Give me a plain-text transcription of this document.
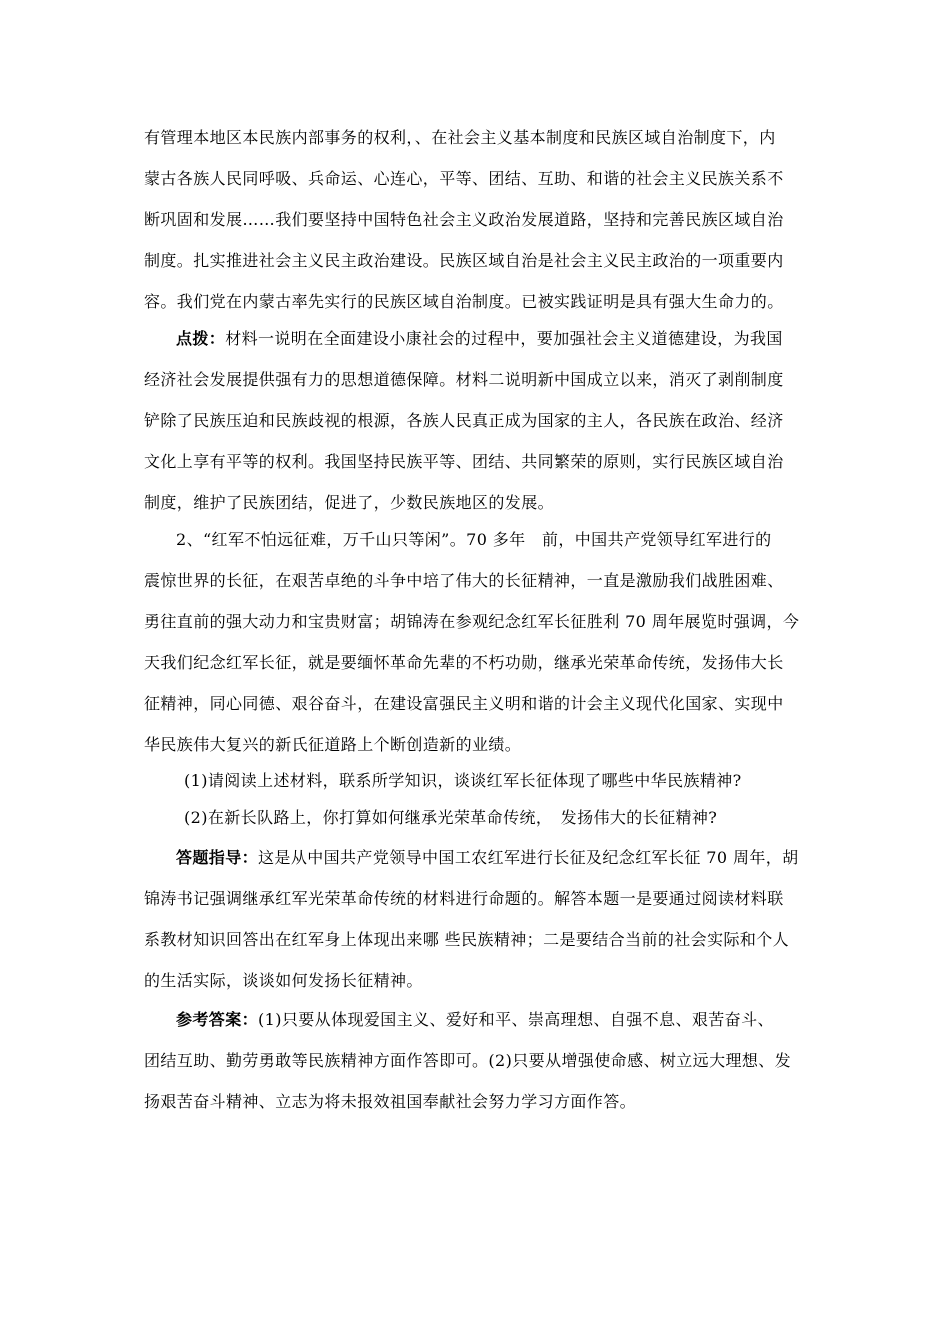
有管理本地区本民族内部事务的权利，、在社会主义基本制度和民族区域自治制度下，内
蒙古各族人民同呼吸、兵命运、心连心，平等、团结、互助、和谐的社会主义民族关系不
断巩固和发展……我们要坚持中国特色社会主义政治发展道路，坚持和完善民族区域自治
制度。扎实推进社会主义民主政治建设。民族区域自治是社会主义民主政治的一项重要内
容。我们党在内蒙古率先实行的民族区域自治制度。已被实践证明是具有强大生命力的。
点拨：材料一说明在全面建设小康社会的过程中，要加强社会主义道德建设，为我国
经济社会发展提供强有力的思想道德保障。材料二说明新中国成立以来，消灭了剥削制度
铲除了民族压迫和民族歧视的根源，各族人民真正成为国家的主人，各民族在政治、经济
文化上享有平等的权利。我国坚持民族平等、团结、共同繁荣的原则，实行民族区域自治
制度，维护了民族团结，促进了，少数民族地区的发展。
2、“红军不怕远征难，万千山只等闲”。70 多年　前，中国共产党领导红军进行的
震惊世界的长征，在艰苦卓绝的斗争中培了伟大的长征精神，一直是激励我们战胜困难、
勇往直前的强大动力和宝贵财富；胡锦涛在参观纪念红军长征胜利 70 周年展览时强调，今
天我们纪念红军长征，就是要缅怀革命先辈的不朽功勋，继承光荣革命传统，发扬伟大长
征精神，同心同德、艰谷奋斗，在建设富强民主义明和谐的计会主义现代化国家、实现中
华民族伟大复兴的新氏征道路上个断创造新的业绩。
(1)请阅读上述材料，联系所学知识，谈谈红军长征体现了哪些中华民族精神?
(2)在新长队路上，你打算如何继承光荣革命传统，　发扬伟大的长征精神?
答题指导：这是从中国共产党领导中国工农红军进行长征及纪念红军长征 70 周年，胡
锦涛书记强调继承红军光荣革命传统的材料进行命题的。解答本题一是要通过阅读材料联
系教材知识回答出在红军身上体现出来哪 些民族精神；二是要结合当前的社会实际和个人
的生活实际，谈谈如何发扬长征精神。
参考答案：(1)只要从体现爱国主义、爱好和平、崇高理想、自强不息、艰苦奋斗、
团结互助、勤劳勇敢等民族精神方面作答即可。(2)只要从增强使命感、树立远大理想、发
扬艰苦奋斗精神、立志为将未报效祖国奉献社会努力学习方面作答。
